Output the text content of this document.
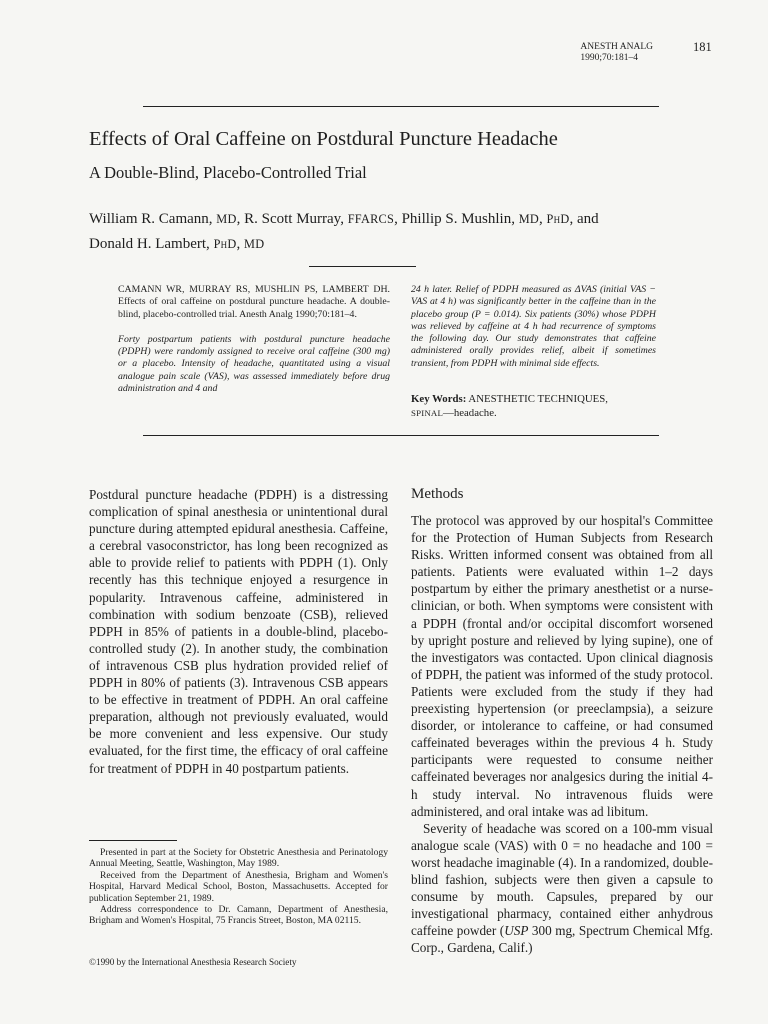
ANESTH ANALG
1990;70:181–4
181
Effects of Oral Caffeine on Postdural Puncture Headache
A Double-Blind, Placebo-Controlled Trial
William R. Camann, MD, R. Scott Murray, FFARCS, Phillip S. Mushlin, MD, PhD, and
Donald H. Lambert, PhD, MD
CAMANN WR, MURRAY RS, MUSHLIN PS, LAMBERT DH. Effects of oral caffeine on postdural puncture headache. A double-blind, placebo-controlled trial. Anesth Analg 1990;70:181–4.
Forty postpartum patients with postdural puncture headache (PDPH) were randomly assigned to receive oral caffeine (300 mg) or a placebo. Intensity of headache, quantitated using a visual analogue pain scale (VAS), was assessed immediately before drug administration and 4 and
24 h later. Relief of PDPH measured as ΔVAS (initial VAS − VAS at 4 h) was significantly better in the caffeine than in the placebo group (P = 0.014). Six patients (30%) whose PDPH was relieved by caffeine at 4 h had recurrence of symptoms the following day. Our study demonstrates that caffeine administered orally provides relief, albeit if sometimes transient, from PDPH with minimal side effects.
Key Words: ANESTHETIC TECHNIQUES,
SPINAL—headache.
Postdural puncture headache (PDPH) is a distressing complication of spinal anesthesia or unintentional dural puncture during attempted epidural anesthesia. Caffeine, a cerebral vasoconstrictor, has long been recognized as able to provide relief to patients with PDPH (1). Only recently has this technique enjoyed a resurgence in popularity. Intravenous caffeine, administered in combination with sodium benzoate (CSB), relieved PDPH in 85% of patients in a double-blind, placebo-controlled study (2). In another study, the combination of intravenous CSB plus hydration provided relief of PDPH in 80% of patients (3). Intravenous CSB appears to be effective in treatment of PDPH. An oral caffeine preparation, although not previously evaluated, would be more convenient and less expensive. Our study evaluated, for the first time, the efficacy of oral caffeine for treatment of PDPH in 40 postpartum patients.
Methods

The protocol was approved by our hospital's Committee for the Protection of Human Subjects from Research Risks. Written informed consent was obtained from all patients. Patients were evaluated within 1–2 days postpartum by either the primary anesthetist or a nurse-clinician, or both. When symptoms were consistent with a PDPH (frontal and/or occipital discomfort worsened by upright posture and relieved by lying supine), one of the investigators was contacted. Upon clinical diagnosis of PDPH, the patient was informed of the study protocol. Patients were excluded from the study if they had preexisting hypertension (or preeclampsia), a seizure disorder, or intolerance to caffeine, or had consumed caffeinated beverages within the previous 4 h. Study participants were requested to consume neither caffeinated beverages nor analgesics during the initial 4-h study interval. No intravenous fluids were administered, and oral intake was ad libitum.

Severity of headache was scored on a 100-mm visual analogue scale (VAS) with 0 = no headache and 100 = worst headache imaginable (4). In a randomized, double-blind fashion, subjects were then given a capsule to consume by mouth. Capsules, prepared by our investigational pharmacy, contained either anhydrous caffeine powder (USP 300 mg, Spectrum Chemical Mfg. Corp., Gardena, Calif.)

Presented in part at the Society for Obstetric Anesthesia and Perinatology Annual Meeting, Seattle, Washington, May 1989.

Received from the Department of Anesthesia, Brigham and Women's Hospital, Harvard Medical School, Boston, Massachusetts. Accepted for publication September 21, 1989.

Address correspondence to Dr. Camann, Department of Anesthesia, Brigham and Women's Hospital, 75 Francis Street, Boston, MA 02115.

©1990 by the International Anesthesia Research Society
